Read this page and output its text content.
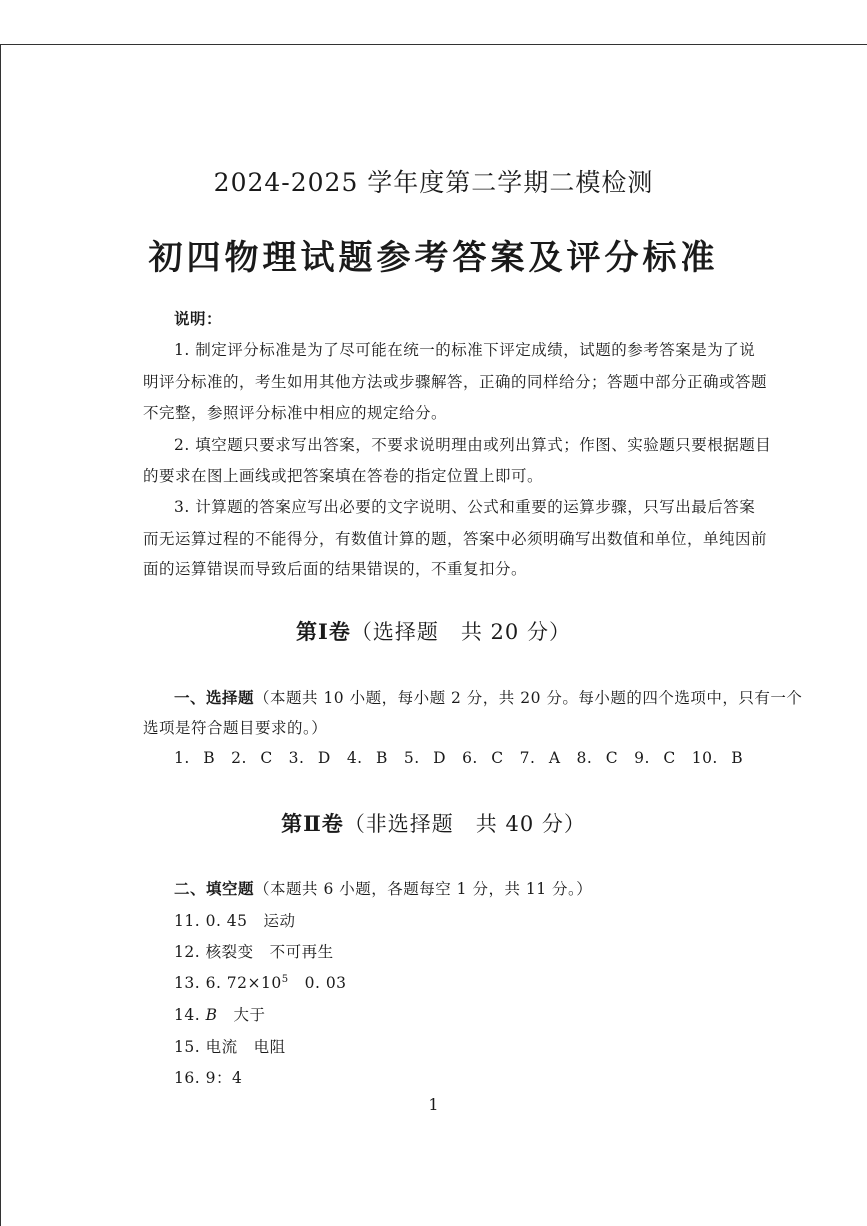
2024-2025 学年度第二学期二模检测
初四物理试题参考答案及评分标准
说明：
1. 制定评分标准是为了尽可能在统一的标准下评定成绩，试题的参考答案是为了说
明评分标准的，考生如用其他方法或步骤解答，正确的同样给分；答题中部分正确或答题
不完整，参照评分标准中相应的规定给分。
2. 填空题只要求写出答案，不要求说明理由或列出算式；作图、实验题只要根据题目
的要求在图上画线或把答案填在答卷的指定位置上即可。
3. 计算题的答案应写出必要的文字说明、公式和重要的运算步骤，只写出最后答案
而无运算过程的不能得分，有数值计算的题，答案中必须明确写出数值和单位，单纯因前
面的运算错误而导致后面的结果错误的，不重复扣分。
第Ⅰ卷（选择题　共 20 分）
一、选择题（本题共 10 小题，每小题 2 分，共 20 分。每小题的四个选项中，只有一个
选项是符合题目要求的。）
1. B　2. C　3. D　4. B　5. D　6. C　7. A　8. C　9. C　10. B
第Ⅱ卷（非选择题　共 40 分）
二、填空题（本题共 6 小题，各题每空 1 分，共 11 分。）
11. 0. 45　运动
12. 核裂变　不可再生
13. 6. $72\times 10^5$　0. 03
14. B　大于
15. 电流　电阻
16. 9：4
1
